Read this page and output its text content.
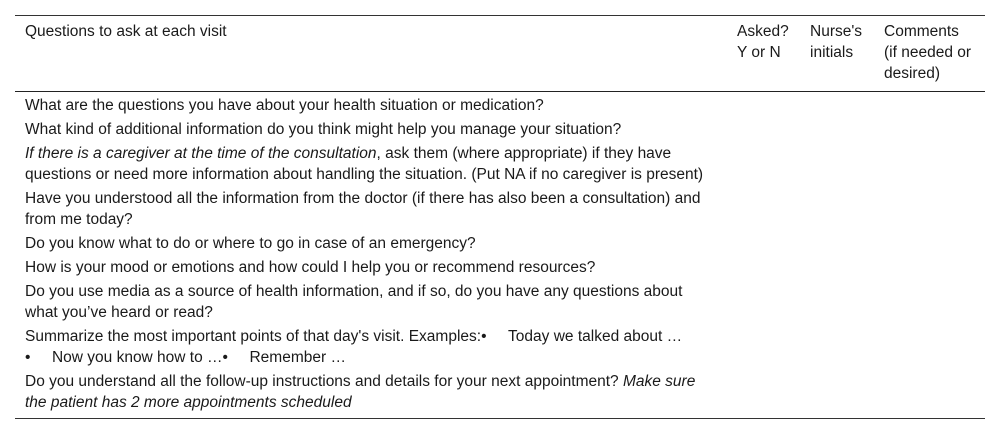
Questions to ask at each visit	Asked? Y or N	Nurse's initials	Comments (if needed or desired)
What are the questions you have about your health situation or medication?			
What kind of additional information do you think might help you manage your situation?			
If there is a caregiver at the time of the consultation, ask them (where appropriate) if they have questions or need more information about handling the situation. (Put NA if no caregiver is present)			
Have you understood all the information from the doctor (if there has also been a consultation) and from me today?			
Do you know what to do or where to go in case of an emergency?			
How is your mood or emotions and how could I help you or recommend resources?			
Do you use media as a source of health information, and if so, do you have any questions about what you’ve heard or read?			
Summarize the most important points of that day's visit. Examples:•     Today we talked about … •     Now you know how to …•     Remember …			
Do you understand all the follow-up instructions and details for your next appointment? Make sure the patient has 2 more appointments scheduled			
